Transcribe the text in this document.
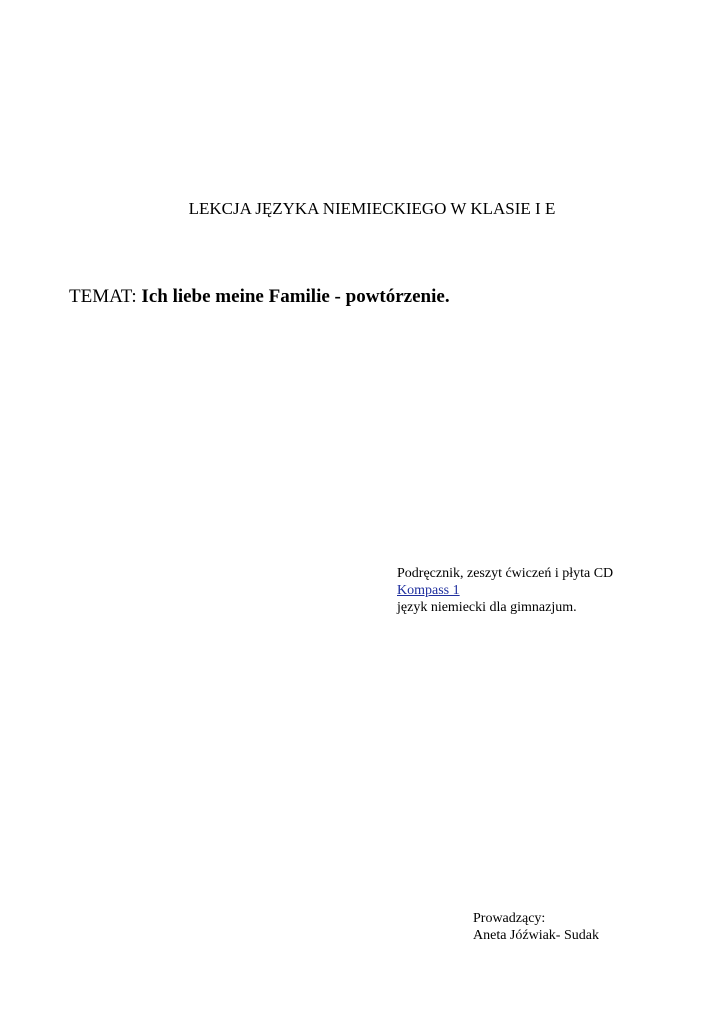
LEKCJA JĘZYKA NIEMIECKIEGO W KLASIE I E
TEMAT: Ich liebe meine Familie - powtórzenie.
Podręcznik, zeszyt ćwiczeń i płyta CD
Kompass 1
język niemiecki dla gimnazjum.
Prowadzący:
Aneta Jóźwiak- Sudak
